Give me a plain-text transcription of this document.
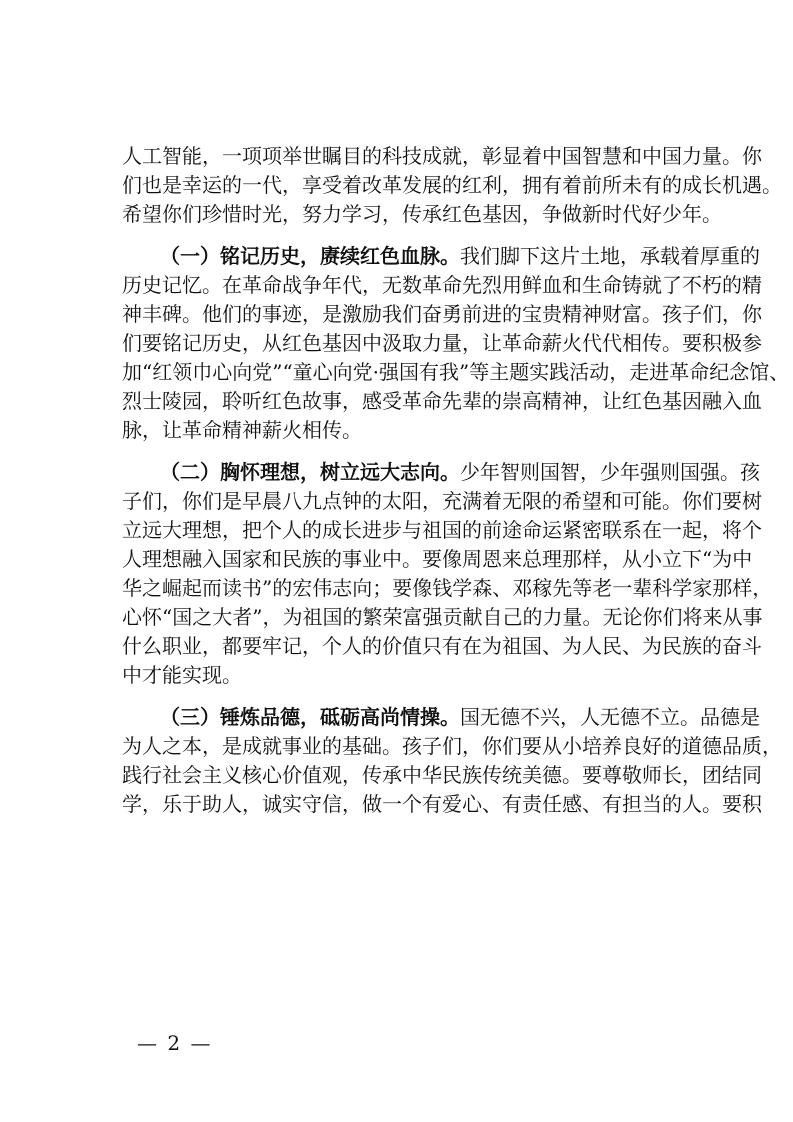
人工智能，一项项举世瞩目的科技成就，彰显着中国智慧和中国力量。你
们也是幸运的一代，享受着改革发展的红利，拥有着前所未有的成长机遇。
希望你们珍惜时光，努力学习，传承红色基因，争做新时代好少年。
（一）铭记历史，赓续红色血脉。我们脚下这片土地，承载着厚重的
历史记忆。在革命战争年代，无数革命先烈用鲜血和生命铸就了不朽的精
神丰碑。他们的事迹，是激励我们奋勇前进的宝贵精神财富。孩子们，你
们要铭记历史，从红色基因中汲取力量，让革命薪火代代相传。要积极参
加“红领巾心向党”“童心向党·强国有我”等主题实践活动，走进革命纪念馆、
烈士陵园，聆听红色故事，感受革命先辈的崇高精神，让红色基因融入血
脉，让革命精神薪火相传。
（二）胸怀理想，树立远大志向。少年智则国智，少年强则国强。孩
子们，你们是早晨八九点钟的太阳，充满着无限的希望和可能。你们要树
立远大理想，把个人的成长进步与祖国的前途命运紧密联系在一起，将个
人理想融入国家和民族的事业中。要像周恩来总理那样，从小立下“为中
华之崛起而读书”的宏伟志向；要像钱学森、邓稼先等老一辈科学家那样，
心怀“国之大者”，为祖国的繁荣富强贡献自己的力量。无论你们将来从事
什么职业，都要牢记，个人的价值只有在为祖国、为人民、为民族的奋斗
中才能实现。
（三）锤炼品德，砥砺高尚情操。国无德不兴，人无德不立。品德是
为人之本，是成就事业的基础。孩子们，你们要从小培养良好的道德品质，
践行社会主义核心价值观，传承中华民族传统美德。要尊敬师长，团结同
学，乐于助人，诚实守信，做一个有爱心、有责任感、有担当的人。要积
— 2 —
